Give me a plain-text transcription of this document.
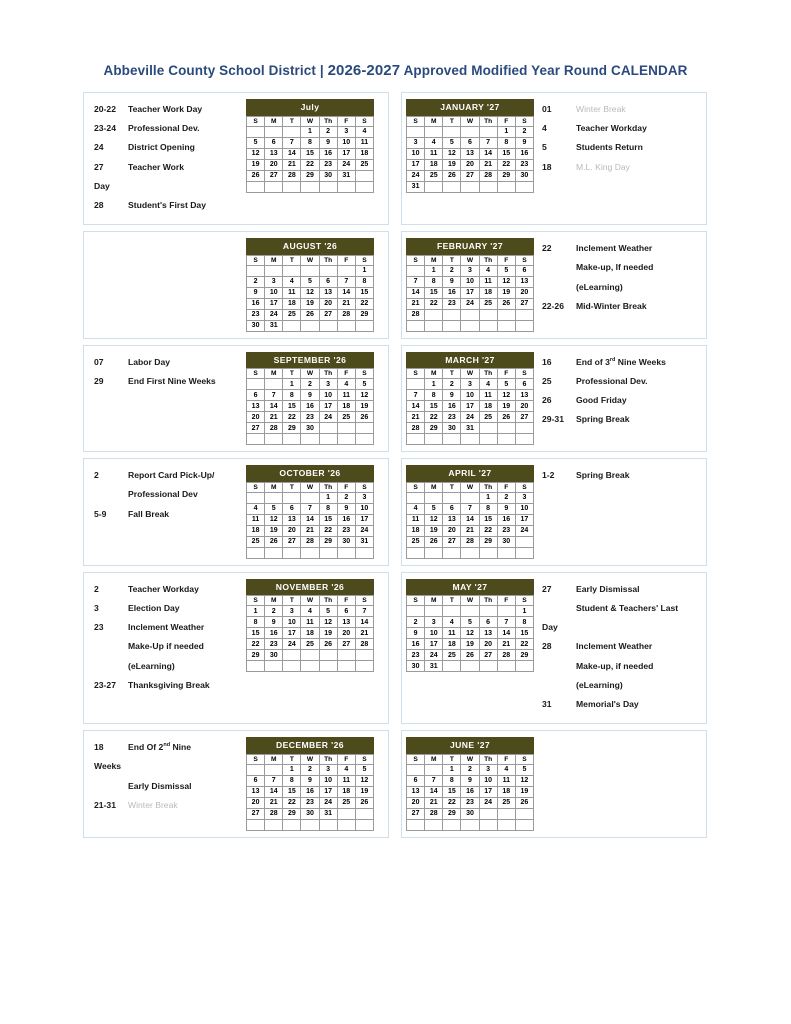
Abbeville County School District | 2026-2027 Approved Modified Year Round CALENDAR
20-22	Teacher Work Day
23-24	Professional Dev.
24	District Opening
27	Teacher Work
Day
28	Student's First Day
July
S	M	T	W	Th	F	S
			1	2	3	4
5	6	7	8	9	10	11
12	13	14	15	16	17	18
19	20	21	22	23	24	25
26	27	28	29	30	31	

JANUARY '27
S	M	T	W	Th	F	S
					1	2
3	4	5	6	7	8	9
10	11	12	13	14	15	16
17	18	19	20	21	22	23
24	25	26	27	28	29	30
31						
01	Winter Break
4	Teacher Workday
5	Students Return
18	M.L. King Day
AUGUST '26
S	M	T	W	Th	F	S
						1
2	3	4	5	6	7	8
9	10	11	12	13	14	15
16	17	18	19	20	21	22
23	24	25	26	27	28	29
30	31					
FEBRUARY '27
S	M	T	W	Th	F	S
	1	2	3	4	5	6
7	8	9	10	11	12	13
14	15	16	17	18	19	20
21	22	23	24	25	26	27
28						

22	Inclement Weather
Make-up, If needed
(eLearning)
22-26	Mid-Winter Break
07	Labor Day
29	End First Nine Weeks
SEPTEMBER '26
S	M	T	W	Th	F	S
		1	2	3	4	5
6	7	8	9	10	11	12
13	14	15	16	17	18	19
20	21	22	23	24	25	26
27	28	29	30			

MARCH '27
S	M	T	W	Th	F	S
	1	2	3	4	5	6
7	8	9	10	11	12	13
14	15	16	17	18	19	20
21	22	23	24	25	26	27
28	29	30	31			

16	End of 3rd Nine Weeks
25	Professional Dev.
26	Good Friday
29-31	Spring Break
2	Report Card Pick-Up/
Professional Dev
5-9	Fall Break
OCTOBER '26
S	M	T	W	Th	F	S
				1	2	3
4	5	6	7	8	9	10
11	12	13	14	15	16	17
18	19	20	21	22	23	24
25	26	27	28	29	30	31

APRIL '27
S	M	T	W	Th	F	S
				1	2	3
4	5	6	7	8	9	10
11	12	13	14	15	16	17
18	19	20	21	22	23	24
25	26	27	28	29	30	

1-2	Spring Break
2	Teacher Workday
3	Election Day
23	Inclement Weather
Make-Up if needed
(eLearning)
23-27	Thanksgiving Break
NOVEMBER '26
S	M	T	W	Th	F	S
1	2	3	4	5	6	7
8	9	10	11	12	13	14
15	16	17	18	19	20	21
22	23	24	25	26	27	28
29	30					

MAY '27
S	M	T	W	Th	F	S
						1
2	3	4	5	6	7	8
9	10	11	12	13	14	15
16	17	18	19	20	21	22
23	24	25	26	27	28	29
30	31					
27	Early Dismissal
Student & Teachers' Last
Day
28	Inclement Weather
Make-up, if needed
(eLearning)
31	Memorial's Day
18	End Of 2nd Nine
Weeks
Early Dismissal
21-31	Winter Break
DECEMBER '26
S	M	T	W	Th	F	S
		1	2	3	4	5
6	7	8	9	10	11	12
13	14	15	16	17	18	19
20	21	22	23	24	25	26
27	28	29	30	31		

JUNE '27
S	M	T	W	Th	F	S
		1	2	3	4	5
6	7	8	9	10	11	12
13	14	15	16	17	18	19
20	21	22	23	24	25	26
27	28	29	30			
